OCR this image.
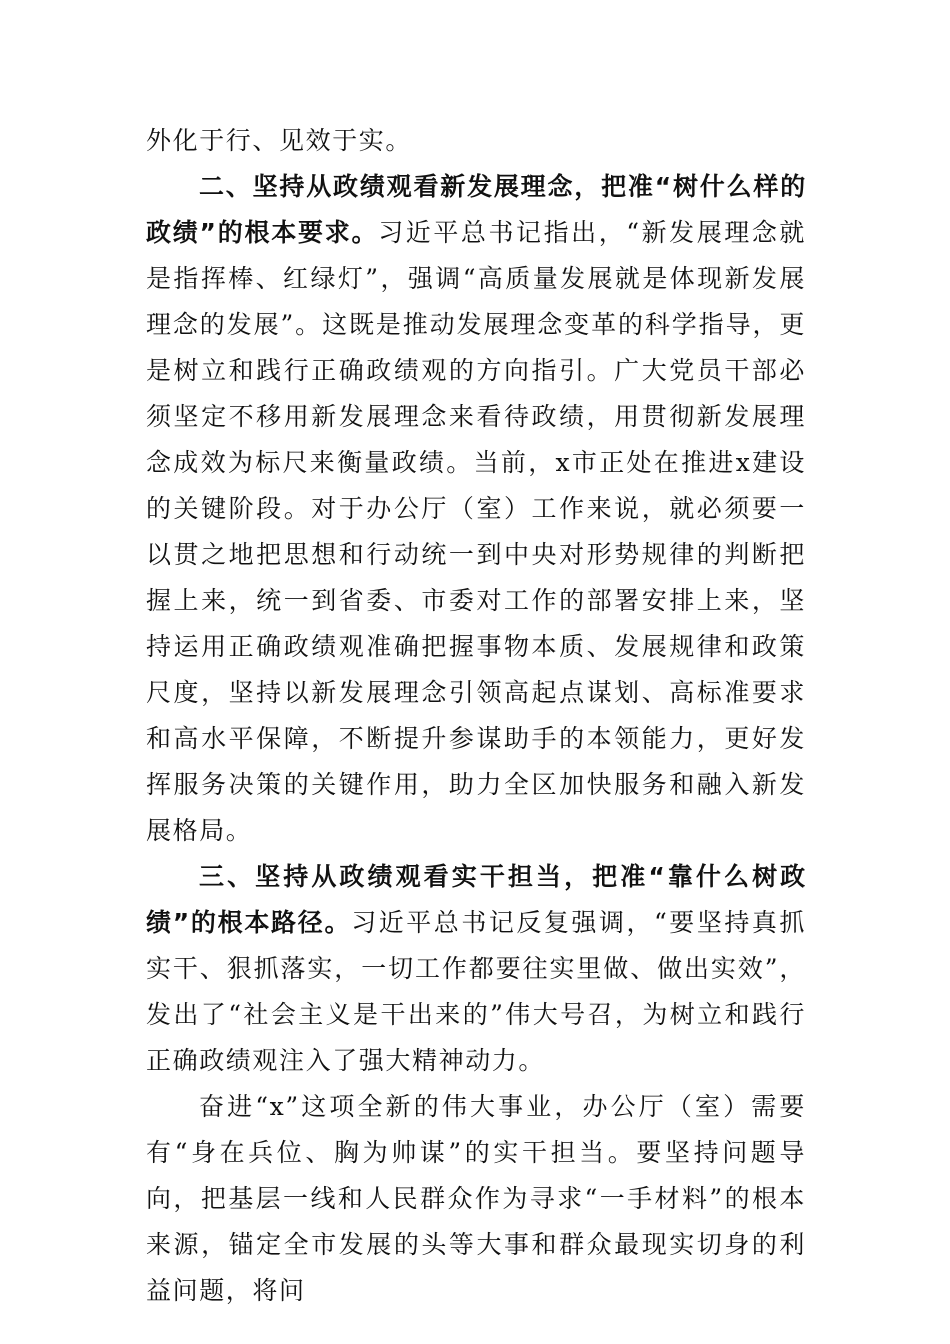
外化于行、见效于实。

二、坚持从政绩观看新发展理念，把准“树什么样的政绩”的根本要求。习近平总书记指出，“新发展理念就是指挥棒、红绿灯”，强调“高质量发展就是体现新发展理念的发展”。这既是推动发展理念变革的科学指导，更是树立和践行正确政绩观的方向指引。广大党员干部必须坚定不移用新发展理念来看待政绩，用贯彻新发展理念成效为标尺来衡量政绩。当前，x市正处在推进x建设的关键阶段。对于办公厅（室）工作来说，就必须要一以贯之地把思想和行动统一到中央对形势规律的判断把握上来，统一到省委、市委对工作的部署安排上来，坚持运用正确政绩观准确把握事物本质、发展规律和政策尺度，坚持以新发展理念引领高起点谋划、高标准要求和高水平保障，不断提升参谋助手的本领能力，更好发挥服务决策的关键作用，助力全区加快服务和融入新发展格局。

三、坚持从政绩观看实干担当，把准“靠什么树政绩”的根本路径。习近平总书记反复强调，“要坚持真抓实干、狠抓落实，一切工作都要往实里做、做出实效”，发出了“社会主义是干出来的”伟大号召，为树立和践行正确政绩观注入了强大精神动力。

奋进“x”这项全新的伟大事业，办公厅（室）需要有“身在兵位、胸为帅谋”的实干担当。要坚持问题导向，把基层一线和人民群众作为寻求“一手材料”的根本来源，锚定全市发展的头等大事和群众最现实切身的利益问题，将问
